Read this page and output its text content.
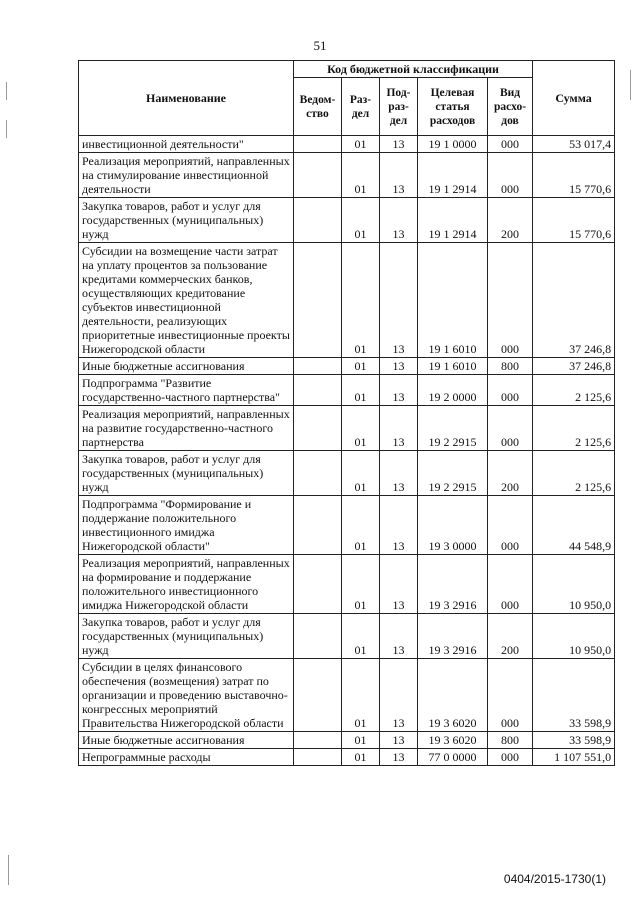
51
Наименование	Код бюджетной классификации					Сумма
	Ведом-ство	Раз-дел	Под-раз-дел	Целевая статья расходов	Вид расхо-дов	
инвестиционной деятельности"		01	13	19 1 0000	000	53 017,4
Реализация мероприятий, направленных на стимулирование инвестиционной деятельности		01	13	19 1 2914	000	15 770,6
Закупка товаров, работ и услуг для государственных (муниципальных) нужд		01	13	19 1 2914	200	15 770,6
Субсидии на возмещение части затрат на уплату процентов за пользование кредитами коммерческих банков, осуществляющих кредитование субъектов инвестиционной деятельности, реализующих приоритетные инвестиционные проекты Нижегородской области		01	13	19 1 6010	000	37 246,8
Иные бюджетные ассигнования		01	13	19 1 6010	800	37 246,8
Подпрограмма "Развитие государственно-частного партнерства"		01	13	19 2 0000	000	2 125,6
Реализация мероприятий, направленных на развитие государственно-частного партнерства		01	13	19 2 2915	000	2 125,6
Закупка товаров, работ и услуг для государственных (муниципальных) нужд		01	13	19 2 2915	200	2 125,6
Подпрограмма "Формирование и поддержание положительного инвестиционного имиджа Нижегородской области"		01	13	19 3 0000	000	44 548,9
Реализация мероприятий, направленных на формирование и поддержание положительного инвестиционного имиджа Нижегородской области		01	13	19 3 2916	000	10 950,0
Закупка товаров, работ и услуг для государственных (муниципальных) нужд		01	13	19 3 2916	200	10 950,0
Субсидии в целях финансового обеспечения (возмещения) затрат по организации и проведению выставочно-конгрессных мероприятий Правительства Нижегородской области		01	13	19 3 6020	000	33 598,9
Иные бюджетные ассигнования		01	13	19 3 6020	800	33 598,9
Непрограммные расходы		01	13	77 0 0000	000	1 107 551,0
0404/2015-1730(1)
